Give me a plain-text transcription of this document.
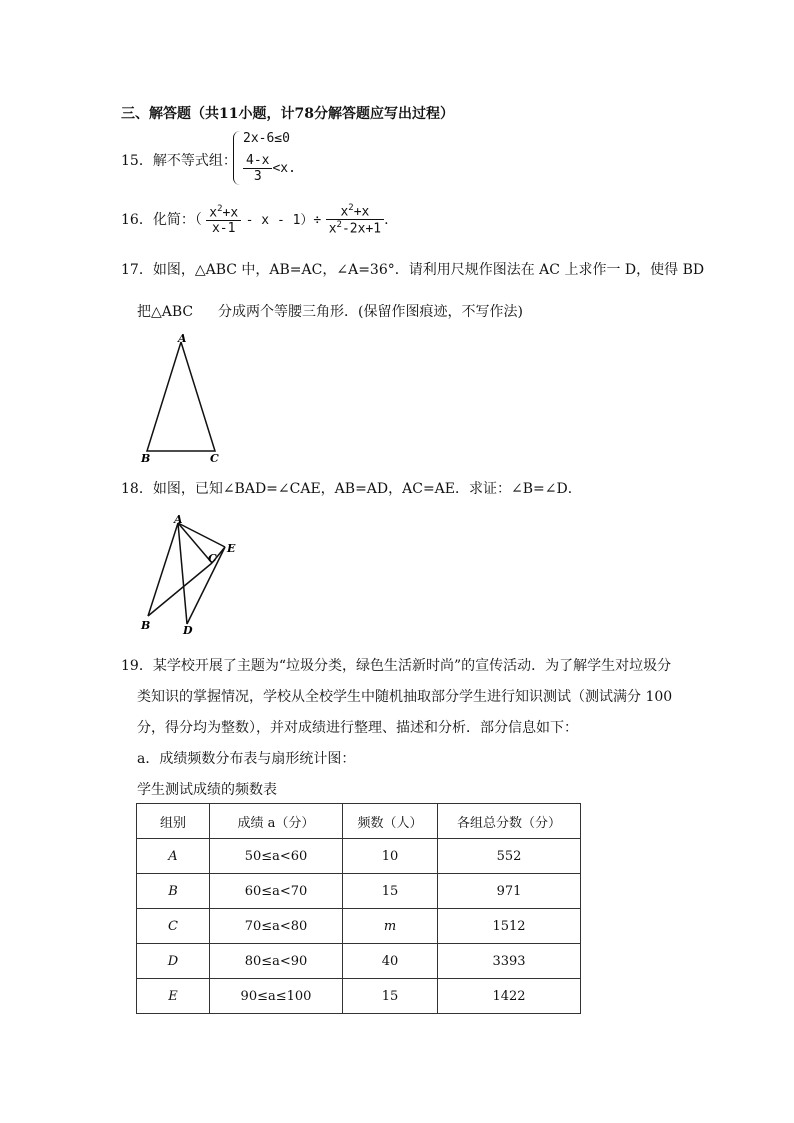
三、解答题（共11小题，计78分解答题应写出过程）
15．解不等式组：
2x-6≤0
$\frac{4-x}{3} <x$.
16．化简：（ $\frac{x^2+x}{x-1} - x - 1)\div \frac{x^2+x}{x^2-2x+1}$ .
17．如图，△ABC 中，AB=AC，∠A=36°．请利用尺规作图法在 AC 上求作一 D，使得 BD
把△ABC 分成两个等腰三角形．(保留作图痕迹，不写作法)
A
B	C
18．如图，已知∠BAD=∠CAE，AB=AD，AC=AE．求证：∠B=∠D．
A
B
C
D
E
19．某学校开展了主题为“垃圾分类，绿色生活新时尚”的宣传活动．为了解学生对垃圾分
类知识的掌握情况，学校从全校学生中随机抽取部分学生进行知识测试（测试满分 100
分，得分均为整数），并对成绩进行整理、描述和分析．部分信息如下：
a．成绩频数分布表与扇形统计图：
学生测试成绩的频数表
组别	成绩 a（分）	频数（人）	各组总分数（分）
A	50≤a<60	10	552
B	60≤a<70	15	971
C	70≤a<80	m	1512
D	80≤a<90	40	3393
E	90≤a≤100	15	1422
